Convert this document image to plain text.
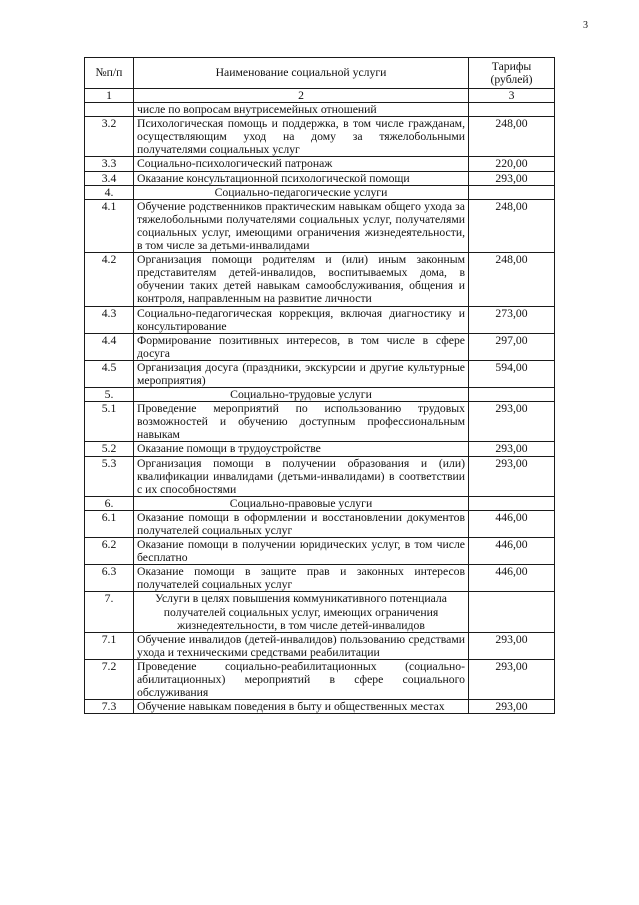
3
№п/п	Наименование социальной услуги	Тарифы (рублей)
1	2	3
	числе по вопросам внутрисемейных отношений	
3.2	Психологическая помощь и поддержка, в том числе гражданам, осуществляющим уход на дому за тяжелобольными получателями социальных услуг	248,00
3.3	Социально-психологический патронаж	220,00
3.4	Оказание консультационной психологической помощи	293,00
4.	Социально-педагогические услуги	
4.1	Обучение родственников практическим навыкам общего ухода за тяжелобольными получателями социальных услуг, получателями социальных услуг, имеющими ограничения жизнедеятельности, в том числе за детьми-инвалидами	248,00
4.2	Организация помощи родителям и (или) иным законным представителям детей-инвалидов, воспитываемых дома, в обучении таких детей навыкам самообслуживания, общения и контроля, направленным на развитие личности	248,00
4.3	Социально-педагогическая коррекция, включая диагностику и консультирование	273,00
4.4	Формирование позитивных интересов, в том числе в сфере досуга	297,00
4.5	Организация досуга (праздники, экскурсии и другие культурные мероприятия)	594,00
5.	Социально-трудовые услуги	
5.1	Проведение мероприятий по использованию трудовых возможностей и обучению доступным профессиональным навыкам	293,00
5.2	Оказание помощи в трудоустройстве	293,00
5.3	Организация помощи в получении образования и (или) квалификации инвалидами (детьми-инвалидами) в соответствии с их способностями	293,00
6.	Социально-правовые услуги	
6.1	Оказание помощи в оформлении и восстановлении документов получателей социальных услуг	446,00
6.2	Оказание помощи в получении юридических услуг, в том числе бесплатно	446,00
6.3	Оказание помощи в защите прав и законных интересов получателей социальных услуг	446,00
7.	Услуги в целях повышения коммуникативного потенциала получателей социальных услуг, имеющих ограничения жизнедеятельности, в том числе детей-инвалидов	
7.1	Обучение инвалидов (детей-инвалидов) пользованию средствами ухода и техническими средствами реабилитации	293,00
7.2	Проведение социально-реабилитационных (социально-абилитационных) мероприятий в сфере социального обслуживания	293,00
7.3	Обучение навыкам поведения в быту и общественных местах	293,00
